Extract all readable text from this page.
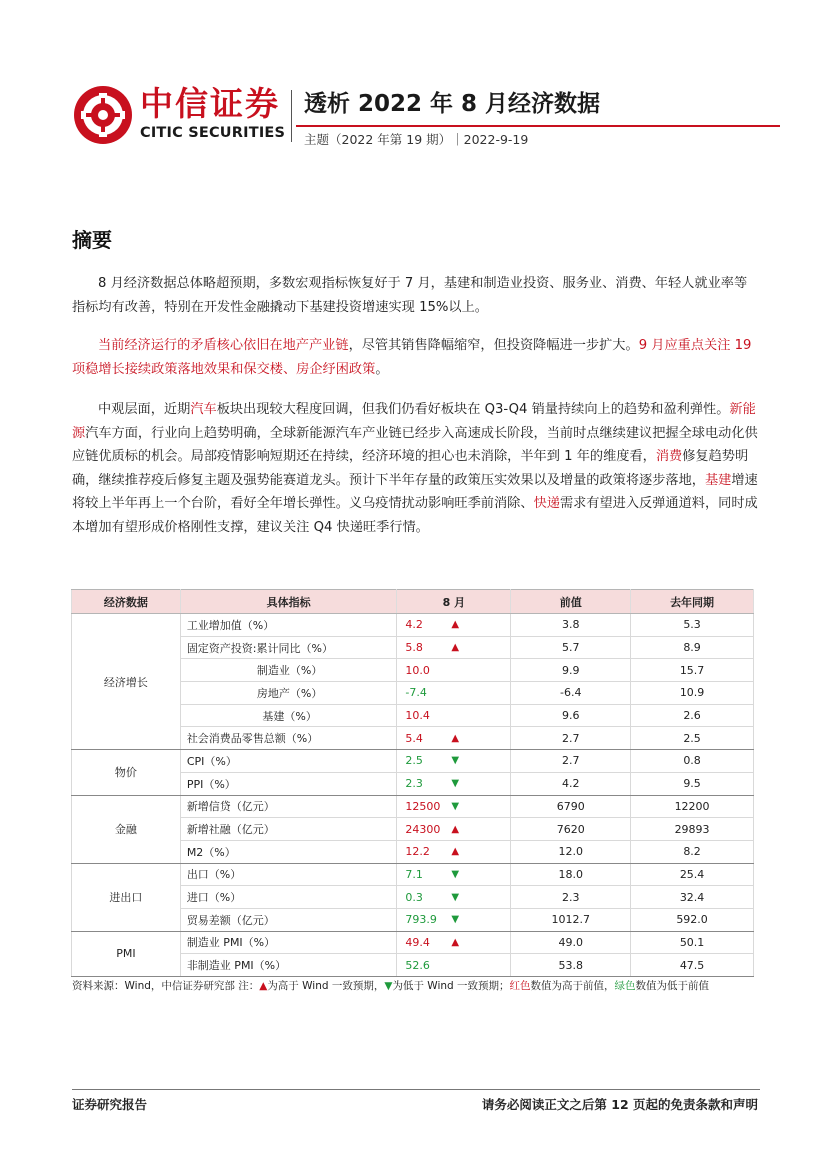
中信证券
CITIC SECURITIES
透析 2022 年 8 月经济数据
主题（2022 年第 19 期）｜2022-9-19
摘要

8 月经济数据总体略超预期，多数宏观指标恢复好于 7 月，基建和制造业投资、服务业、消费、年轻人就业率等指标均有改善，特别在开发性金融撬动下基建投资增速实现 15%以上。

当前经济运行的矛盾核心依旧在地产产业链，尽管其销售降幅缩窄，但投资降幅进一步扩大。9 月应重点关注 19 项稳增长接续政策落地效果和保交楼、房企纾困政策。

中观层面，近期汽车板块出现较大程度回调，但我们仍看好板块在 Q3-Q4 销量持续向上的趋势和盈利弹性。新能源汽车方面，行业向上趋势明确，全球新能源汽车产业链已经步入高速成长阶段，当前时点继续建议把握全球电动化供应链优质标的机会。局部疫情影响短期还在持续，经济环境的担心也未消除，半年到 1 年的维度看，消费修复趋势明确，继续推荐疫后修复主题及强势能赛道龙头。预计下半年存量的政策压实效果以及增量的政策将逐步落地，基建增速将较上半年再上一个台阶，看好全年增长弹性。义乌疫情扰动影响旺季前消除、快递需求有望进入反弹通道料，同时成本增加有望形成价格刚性支撑，建议关注 Q4 快递旺季行情。

经济数据	具体指标	8 月	前值	去年同期
经济增长	工业增加值（%）	4.2 ▲	3.8	5.3
	固定资产投资:累计同比（%）	5.8 ▲	5.7	8.9
	制造业（%）	10.0	9.9	15.7
	房地产（%）	-7.4	-6.4	10.9
	基建（%）	10.4	9.6	2.6
	社会消费品零售总额（%）	5.4 ▲	2.7	2.5
物价	CPI（%）	2.5 ▼	2.7	0.8
	PPI（%）	2.3 ▼	4.2	9.5
金融	新增信贷（亿元）	12500 ▼	6790	12200
	新增社融（亿元）	24300 ▲	7620	29893
	M2（%）	12.2 ▲	12.0	8.2
进出口	出口（%）	7.1 ▼	18.0	25.4
	进口（%）	0.3 ▼	2.3	32.4
	贸易差额（亿元）	793.9 ▼	1012.7	592.0
PMI	制造业 PMI（%）	49.4 ▲	49.0	50.1
	非制造业 PMI（%）	52.6	53.8	47.5
资料来源：Wind，中信证券研究部 注：▲为高于 Wind 一致预期，▼为低于 Wind 一致预期；红色数值为高于前值，绿色数值为低于前值
证券研究报告	请务必阅读正文之后第 12 页起的免责条款和声明
